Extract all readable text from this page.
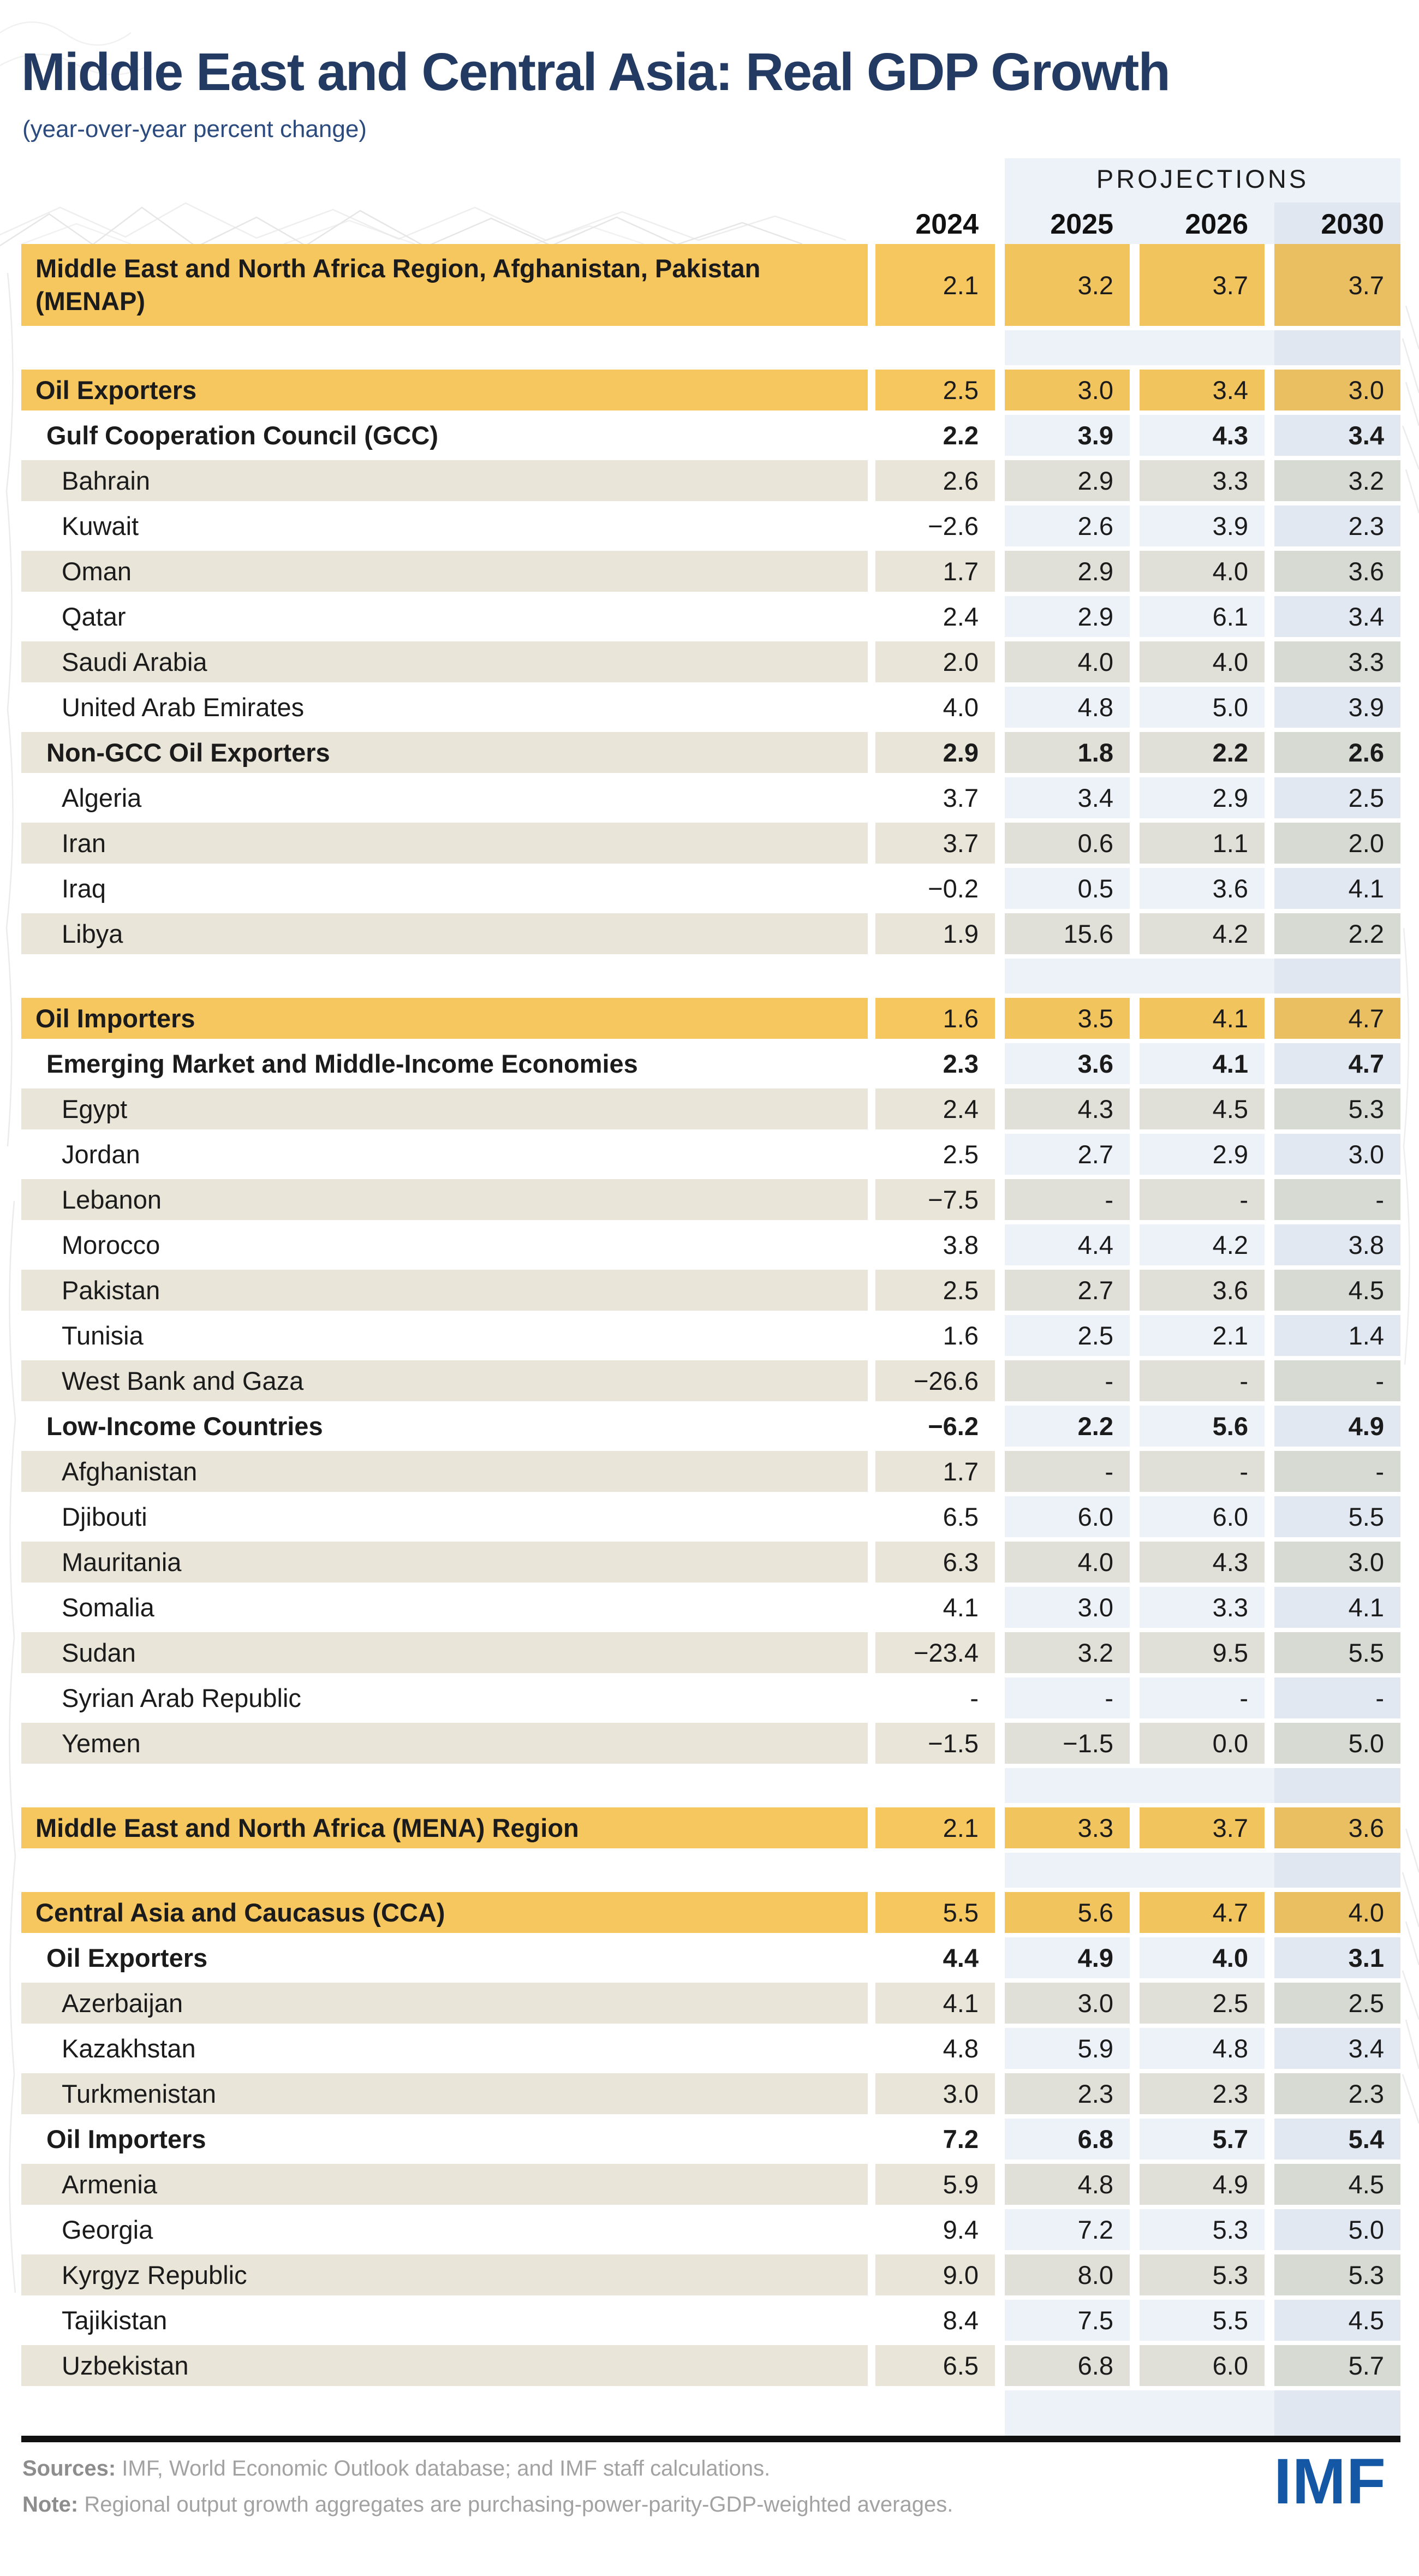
Middle East and Central Asia: Real GDP Growth
(year-over-year percent change)
PROJECTIONS
2024	2025	2026	2030
Middle East and North Africa Region, Afghanistan, Pakistan (MENAP)
2.1	3.2	3.7	3.7
Oil Exporters	2.5	3.0	3.4	3.0
Gulf Cooperation Council (GCC)	2.2	3.9	4.3	3.4
Bahrain	2.6	2.9	3.3	3.2
Kuwait	−2.6	2.6	3.9	2.3
Oman	1.7	2.9	4.0	3.6
Qatar	2.4	2.9	6.1	3.4
Saudi Arabia	2.0	4.0	4.0	3.3
United Arab Emirates	4.0	4.8	5.0	3.9
Non-GCC Oil Exporters	2.9	1.8	2.2	2.6
Algeria	3.7	3.4	2.9	2.5
Iran	3.7	0.6	1.1	2.0
Iraq	−0.2	0.5	3.6	4.1
Libya	1.9	15.6	4.2	2.2
Oil Importers	1.6	3.5	4.1	4.7
Emerging Market and Middle-Income Economies	2.3	3.6	4.1	4.7
Egypt	2.4	4.3	4.5	5.3
Jordan	2.5	2.7	2.9	3.0
Lebanon	−7.5	-	-	-
Morocco	3.8	4.4	4.2	3.8
Pakistan	2.5	2.7	3.6	4.5
Tunisia	1.6	2.5	2.1	1.4
West Bank and Gaza	−26.6	-	-	-
Low-Income Countries	−6.2	2.2	5.6	4.9
Afghanistan	1.7	-	-	-
Djibouti	6.5	6.0	6.0	5.5
Mauritania	6.3	4.0	4.3	3.0
Somalia	4.1	3.0	3.3	4.1
Sudan	−23.4	3.2	9.5	5.5
Syrian Arab Republic	-	-	-	-
Yemen	−1.5	−1.5	0.0	5.0
Middle East and North Africa (MENA) Region	2.1	3.3	3.7	3.6
Central Asia and Caucasus (CCA)	5.5	5.6	4.7	4.0
Oil Exporters	4.4	4.9	4.0	3.1
Azerbaijan	4.1	3.0	2.5	2.5
Kazakhstan	4.8	5.9	4.8	3.4
Turkmenistan	3.0	2.3	2.3	2.3
Oil Importers	7.2	6.8	5.7	5.4
Armenia	5.9	4.8	4.9	4.5
Georgia	9.4	7.2	5.3	5.0
Kyrgyz Republic	9.0	8.0	5.3	5.3
Tajikistan	8.4	7.5	5.5	4.5
Uzbekistan	6.5	6.8	6.0	5.7
Sources: IMF, World Economic Outlook database; and IMF staff calculations.
Note: Regional output growth aggregates are purchasing-power-parity-GDP-weighted averages.	IMF
